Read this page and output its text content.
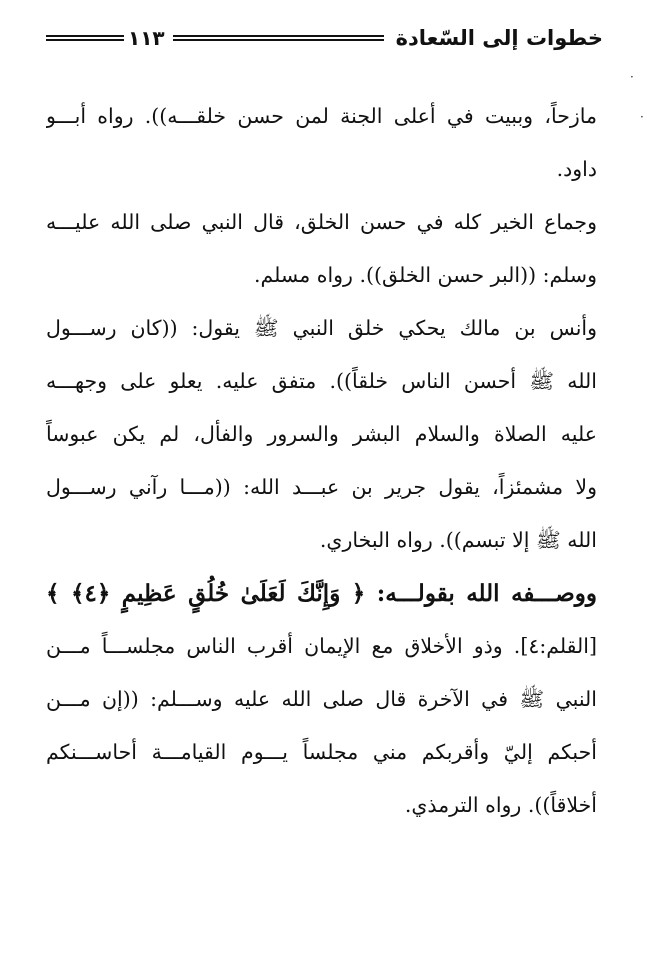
خطوات إلى السّعادة
١١٣
·
·
مازحاً، وببيت في أعلى الجنة لمن حسن خلقـــه)). رواه أبـــو
داود.
وجماع الخير كله في حسن الخلق، قال النبي صلى الله عليـــه
وسلم: ((البر حسن الخلق)). رواه مسلم.
وأنس بن مالك يحكي خلق النبي ﷺ يقول: ((كان رســـول
الله ﷺ أحسن الناس خلقاً)). متفق عليه. يعلو على وجهـــه
عليه الصلاة والسلام البشر والسرور والفأل، لم يكن عبوساً
ولا مشمئزاً، يقول جرير بن عبـــد الله: ((مـــا رآني رســـول
الله ﷺ إلا تبسم)). رواه البخاري.
ووصـــفه الله بقولـــه: ﴿ وَإِنَّكَ لَعَلَىٰ خُلُقٍ عَظِيمٍ ﴿٤﴾ ﴾
[القلم:٤]. وذو الأخلاق مع الإيمان أقرب الناس مجلســـاً مـــن
النبي ﷺ في الآخرة قال صلى الله عليه وســـلم: ((إن مـــن
أحبكم إليّ وأقربكم مني مجلساً يـــوم القيامـــة أحاســـنكم
أخلاقاً)). رواه الترمذي.
